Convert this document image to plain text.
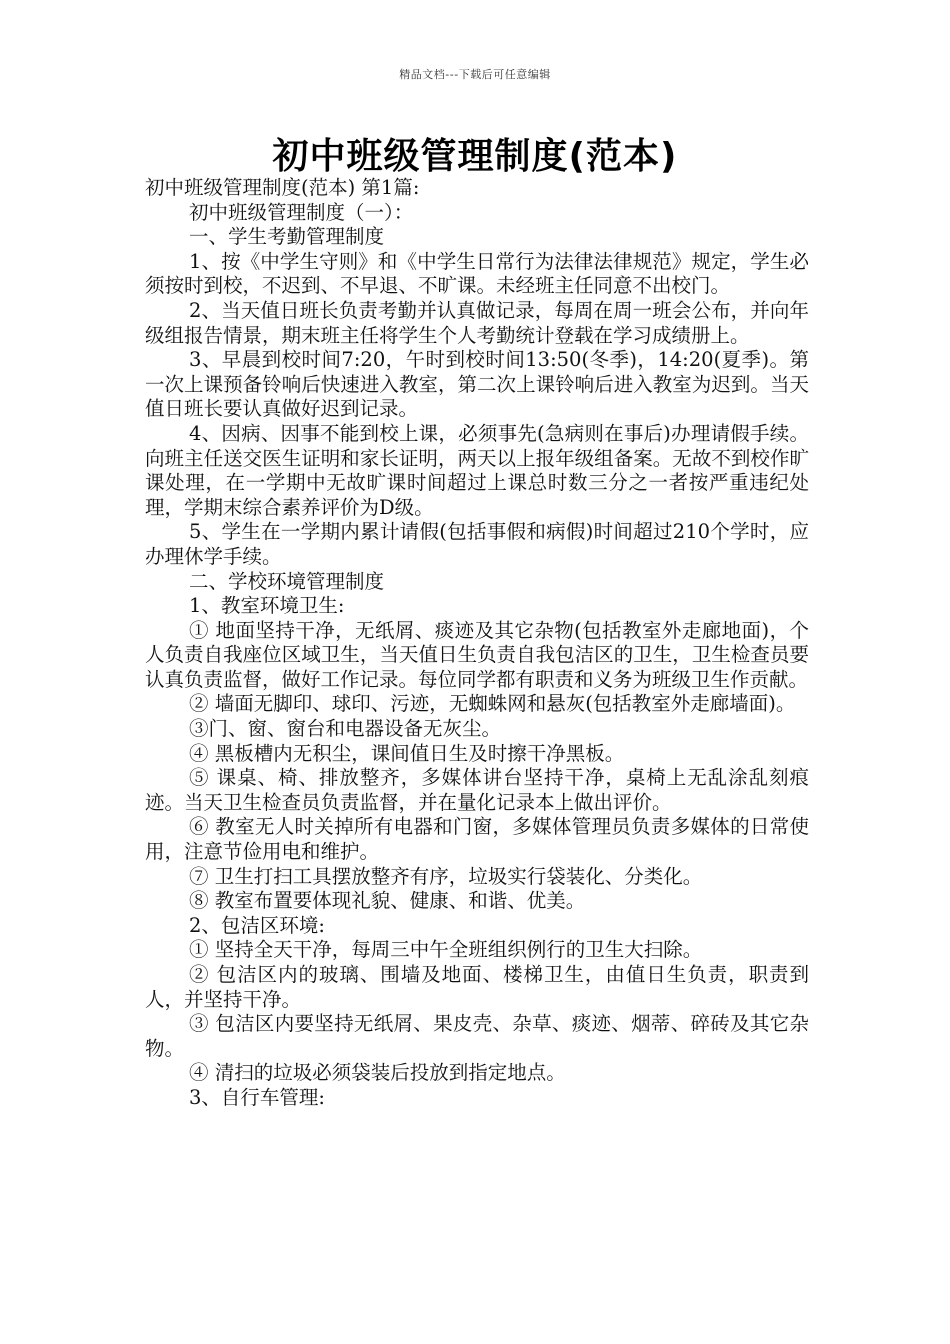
精品文档---下载后可任意编辑
初中班级管理制度(范本)

初中班级管理制度(范本) 第1篇:

初中班级管理制度（一）：

一、学生考勤管理制度

1、按《中学生守则》和《中学生日常行为法律法律规范》规定，学生必须按时到校，不迟到、不早退、不旷课。未经班主任同意不出校门。

2、当天值日班长负责考勤并认真做记录，每周在周一班会公布，并向年级组报告情景，期末班主任将学生个人考勤统计登载在学习成绩册上。

3、早晨到校时间7:20，午时到校时间13:50(冬季)，14:20(夏季)。第一次上课预备铃响后快速进入教室，第二次上课铃响后进入教室为迟到。当天值日班长要认真做好迟到记录。

4、因病、因事不能到校上课，必须事先(急病则在事后)办理请假手续。向班主任送交医生证明和家长证明，两天以上报年级组备案。无故不到校作旷课处理，在一学期中无故旷课时间超过上课总时数三分之一者按严重违纪处理，学期末综合素养评价为D级。

5、学生在一学期内累计请假(包括事假和病假)时间超过210个学时，应办理休学手续。

二、学校环境管理制度

1、教室环境卫生:

① 地面坚持干净，无纸屑、痰迹及其它杂物(包括教室外走廊地面)，个人负责自我座位区域卫生，当天值日生负责自我包洁区的卫生，卫生检查员要认真负责监督，做好工作记录。每位同学都有职责和义务为班级卫生作贡献。

② 墙面无脚印、球印、污迹，无蜘蛛网和悬灰(包括教室外走廊墙面)。

③门、窗、窗台和电器设备无灰尘。

④ 黑板槽内无积尘，课间值日生及时擦干净黑板。

⑤ 课桌、椅、排放整齐，多媒体讲台坚持干净，桌椅上无乱涂乱刻痕迹。当天卫生检查员负责监督，并在量化记录本上做出评价。

⑥ 教室无人时关掉所有电器和门窗，多媒体管理员负责多媒体的日常使用，注意节俭用电和维护。

⑦ 卫生打扫工具摆放整齐有序，垃圾实行袋装化、分类化。

⑧ 教室布置要体现礼貌、健康、和谐、优美。

2、包洁区环境:

① 坚持全天干净，每周三中午全班组织例行的卫生大扫除。

② 包洁区内的玻璃、围墙及地面、楼梯卫生，由值日生负责，职责到人，并坚持干净。

③ 包洁区内要坚持无纸屑、果皮壳、杂草、痰迹、烟蒂、碎砖及其它杂物。

④ 清扫的垃圾必须袋装后投放到指定地点。

3、自行车管理:
